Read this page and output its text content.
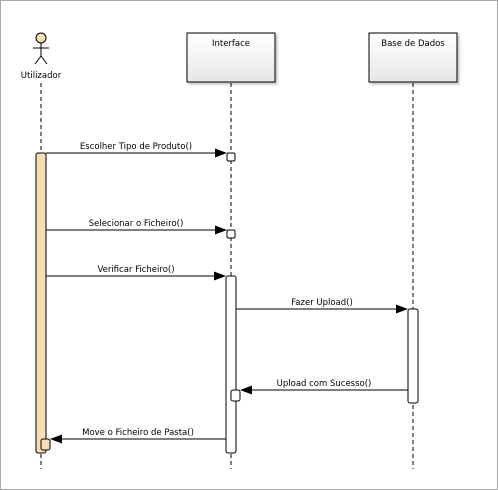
Utilizador
Interface	Base de Dados
Escolher Tipo de Produto()
Selecionar o Ficheiro()
Verificar Ficheiro()
Fazer Upload()
Upload com Sucesso()
Move o Ficheiro de Pasta()
